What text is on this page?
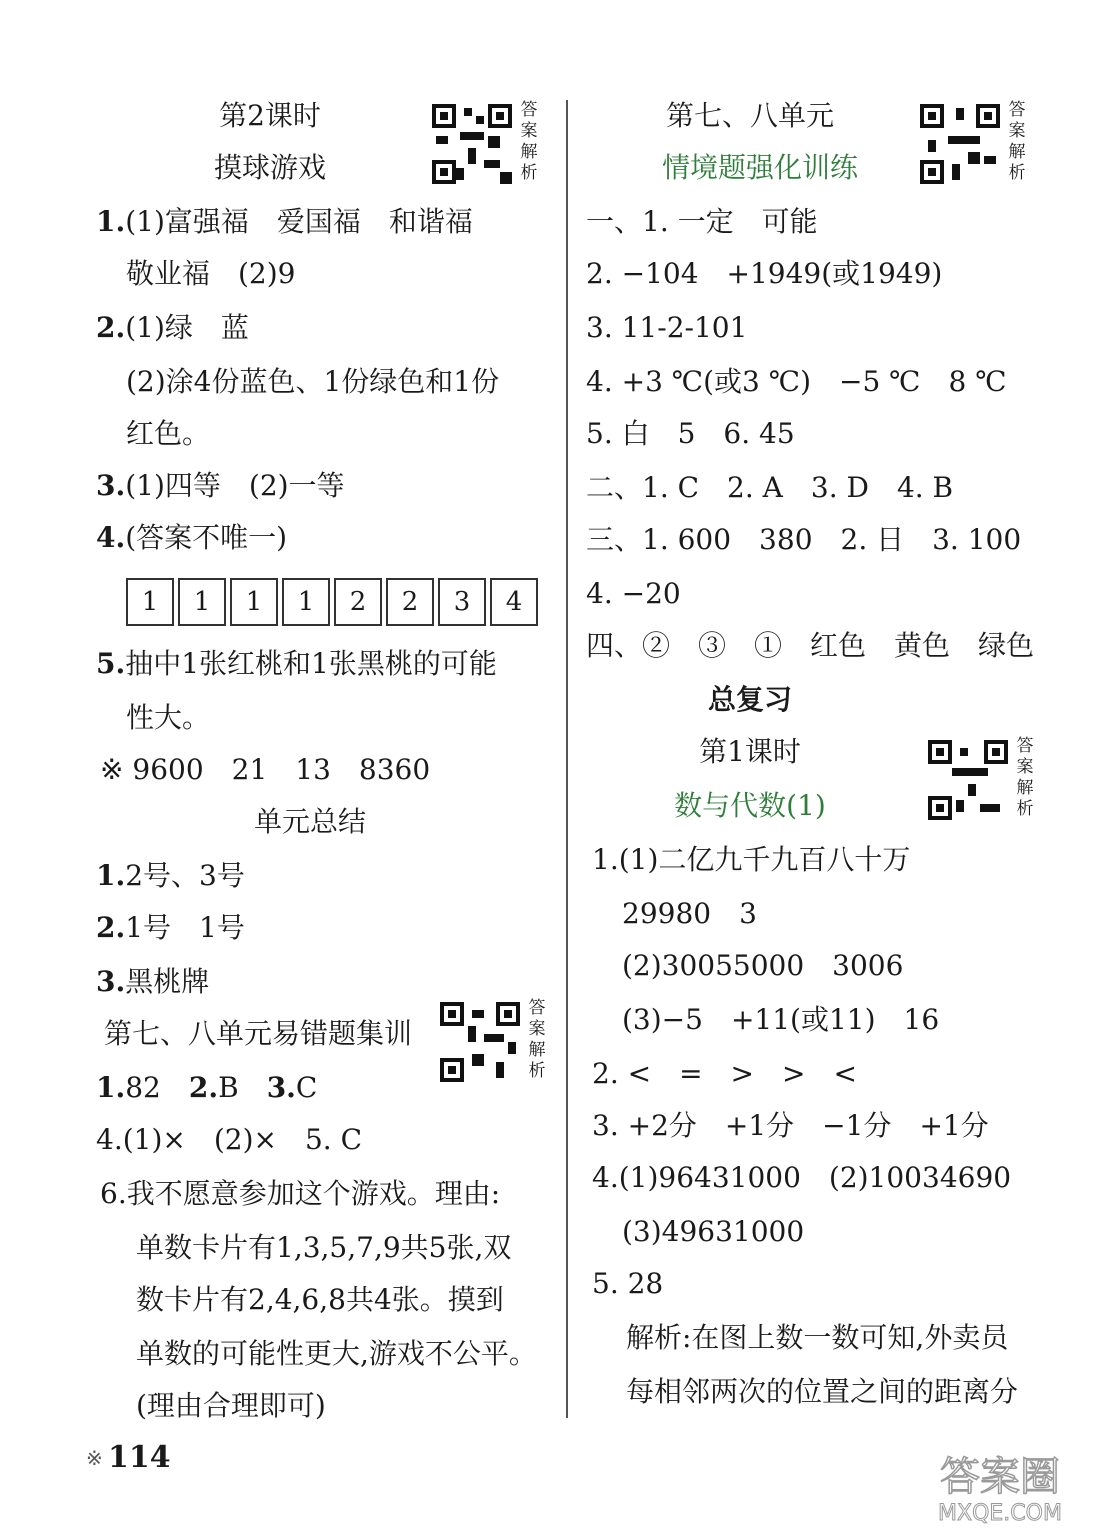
第2课时
摸球游戏
答案解析
1.(1)富强福　爱国福　和谐福
敬业福　(2)9
2.(1)绿　蓝
(2)涂4份蓝色、1份绿色和1份
红色。
3.(1)四等　(2)一等
4.(答案不唯一)
1	1	1	1	2	2	3	4
5.抽中1张红桃和1张黑桃的可能
性大。
※ 9600　21　13　8360
单元总结
1.2号、3号
2.1号　1号
3.黑桃牌
第七、八单元易错题集训
答案解析
1.82　2.B　3.C
4.(1)×　(2)×　5. C
6.我不愿意参加这个游戏。理由:
单数卡片有1,3,5,7,9共5张,双
数卡片有2,4,6,8共4张。摸到
单数的可能性更大,游戏不公平。
(理由合理即可)
※ 114
第七、八单元
情境题强化训练
答案解析
一、1. 一定　可能
2. −104　+1949(或1949)
3. 11-2-101
4. +3 ℃(或3 ℃)　−5 ℃　8 ℃
5. 白　5　6. 45
二、1. C　2. A　3. D　4. B
三、1. 600　380　2. 日　3. 100
4. −20
四、②　③　①　红色　黄色　绿色
总复习
第1课时
数与代数(1)
答案解析
1.(1)二亿九千九百八十万
29980　3
(2)30055000　3006
(3)−5　+11(或11)　16
2. <　=　>　>　<
3. +2分　+1分　−1分　+1分
4.(1)96431000　(2)10034690
(3)49631000
5. 28
解析:在图上数一数可知,外卖员
每相邻两次的位置之间的距离分
答案圈
MXQE.COM
